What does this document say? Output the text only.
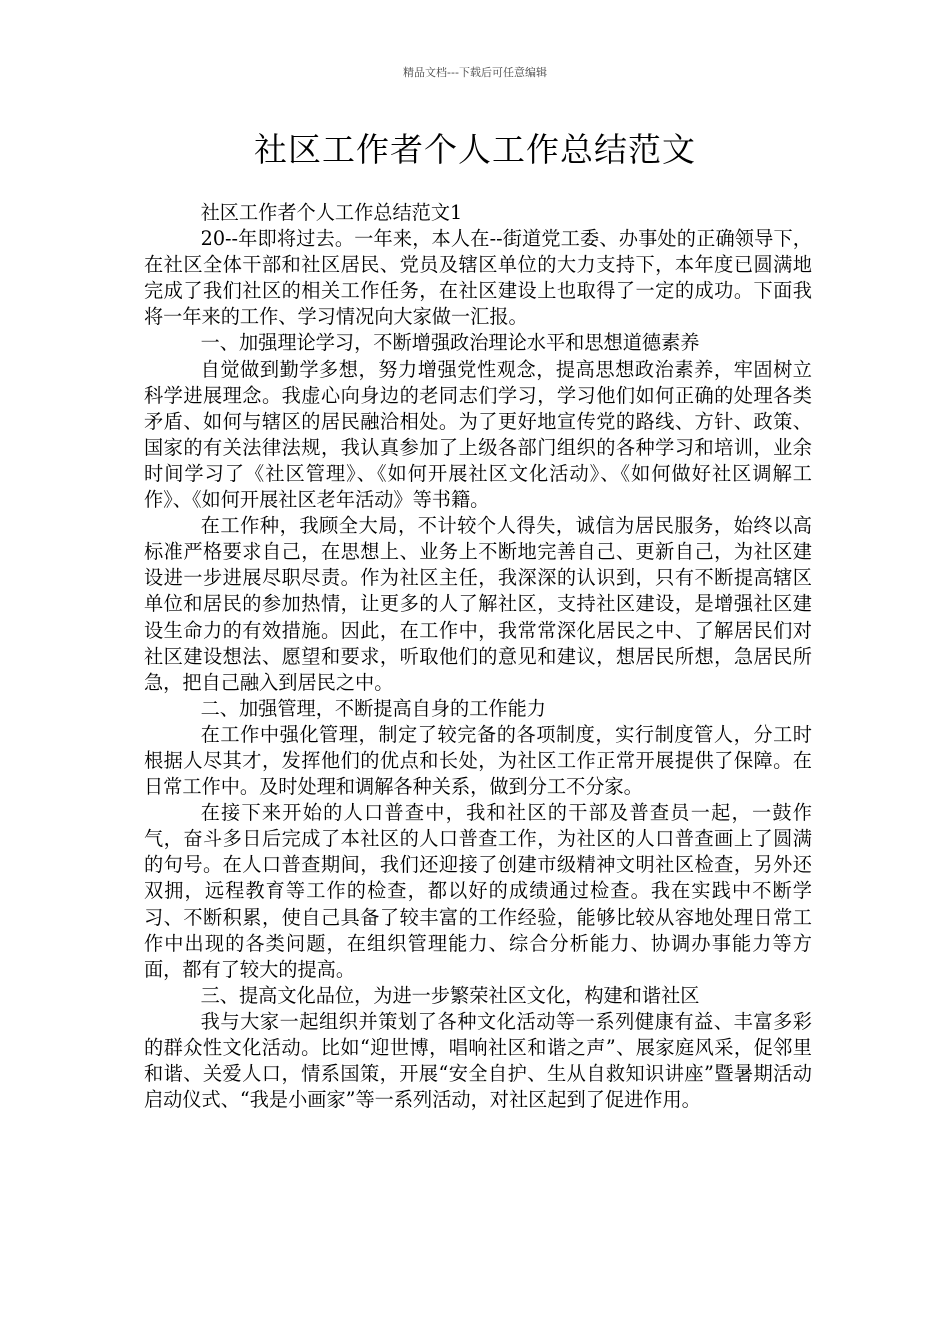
精品文档---下载后可任意编辑
社区工作者个人工作总结范文

社区工作者个人工作总结范文1

20--年即将过去。一年来，本人在--街道党工委、办事处的正确领导下，在社区全体干部和社区居民、党员及辖区单位的大力支持下，本年度已圆满地完成了我们社区的相关工作任务，在社区建设上也取得了一定的成功。下面我将一年来的工作、学习情况向大家做一汇报。

一、加强理论学习，不断增强政治理论水平和思想道德素养

自觉做到勤学多想，努力增强党性观念，提高思想政治素养，牢固树立科学进展理念。我虚心向身边的老同志们学习，学习他们如何正确的处理各类矛盾、如何与辖区的居民融洽相处。为了更好地宣传党的路线、方针、政策、国家的有关法律法规，我认真参加了上级各部门组织的各种学习和培训，业余时间学习了《社区管理》、《如何开展社区文化活动》、《如何做好社区调解工作》、《如何开展社区老年活动》等书籍。

在工作种，我顾全大局，不计较个人得失，诚信为居民服务，始终以高标准严格要求自己，在思想上、业务上不断地完善自己、更新自己，为社区建设进一步进展尽职尽责。作为社区主任，我深深的认识到，只有不断提高辖区单位和居民的参加热情，让更多的人了解社区，支持社区建设，是增强社区建设生命力的有效措施。因此，在工作中，我常常深化居民之中、了解居民们对社区建设想法、愿望和要求，听取他们的意见和建议，想居民所想，急居民所急，把自己融入到居民之中。

二、加强管理，不断提高自身的工作能力

在工作中强化管理，制定了较完备的各项制度，实行制度管人，分工时根据人尽其才，发挥他们的优点和长处，为社区工作正常开展提供了保障。在日常工作中。及时处理和调解各种关系，做到分工不分家。

在接下来开始的人口普查中，我和社区的干部及普查员一起，一鼓作气，奋斗多日后完成了本社区的人口普查工作，为社区的人口普查画上了圆满的句号。在人口普查期间，我们还迎接了创建市级精神文明社区检查，另外还双拥，远程教育等工作的检查，都以好的成绩通过检查。我在实践中不断学习、不断积累，使自己具备了较丰富的工作经验，能够比较从容地处理日常工作中出现的各类问题，在组织管理能力、综合分析能力、协调办事能力等方面，都有了较大的提高。

三、提高文化品位，为进一步繁荣社区文化，构建和谐社区

我与大家一起组织并策划了各种文化活动等一系列健康有益、丰富多彩的群众性文化活动。比如“迎世博，唱响社区和谐之声”、展家庭风采，促邻里和谐、关爱人口，情系国策，开展“安全自护、生从自救知识讲座”暨暑期活动启动仪式、“我是小画家”等一系列活动，对社区起到了促进作用。
